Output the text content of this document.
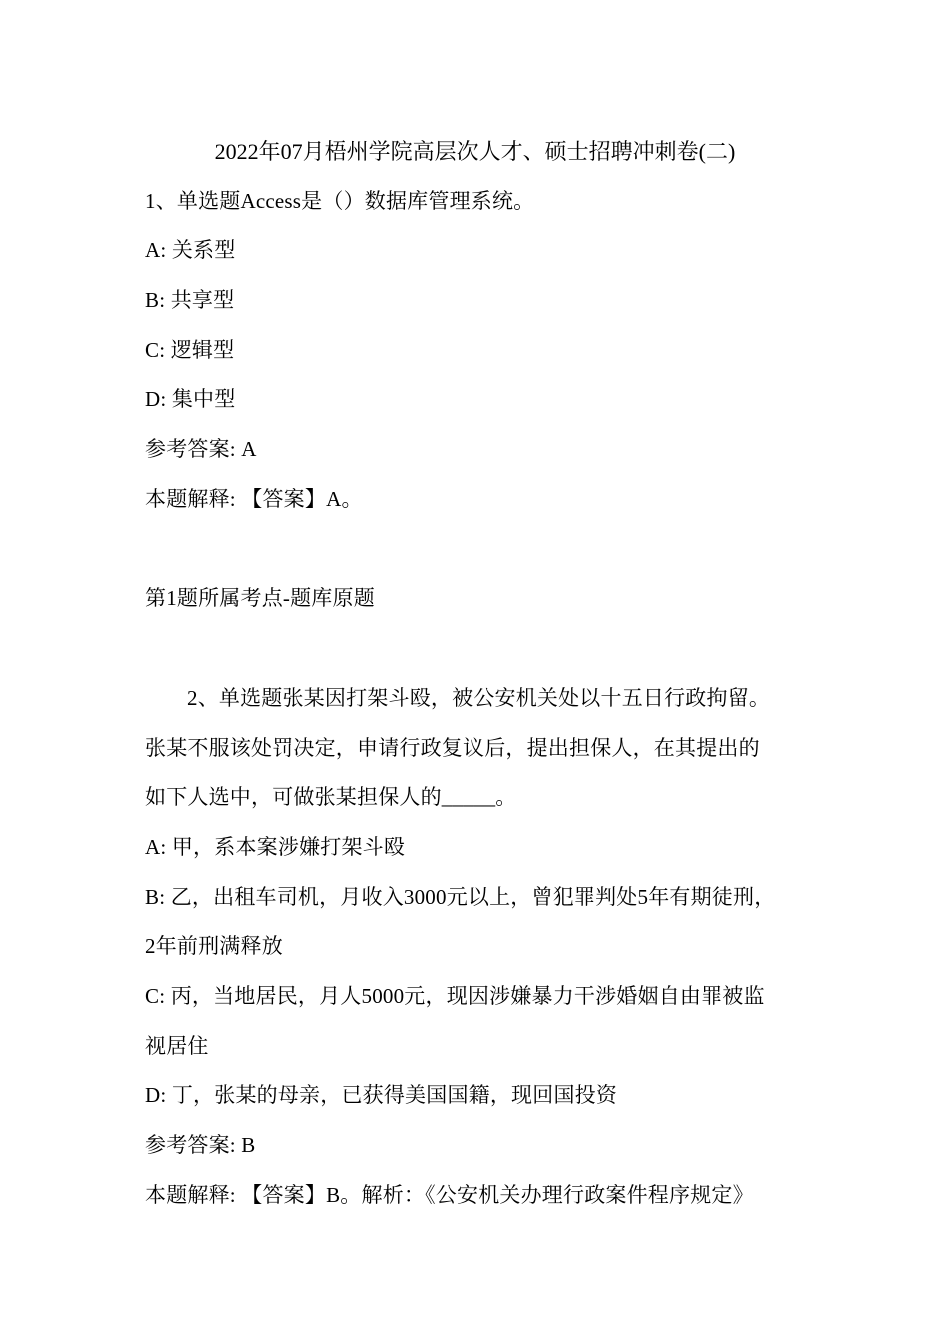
2022年07月梧州学院高层次人才、硕士招聘冲刺卷(二)
1、单选题Access是（）数据库管理系统。
A: 关系型
B: 共享型
C: 逻辑型
D: 集中型
参考答案: A
本题解释: 【答案】A。
第1题所属考点-题库原题
2、单选题张某因打架斗殴，被公安机关处以十五日行政拘留。
张某不服该处罚决定，申请行政复议后，提出担保人，在其提出的
如下人选中，可做张某担保人的_____。
A: 甲，系本案涉嫌打架斗殴
B: 乙，出租车司机，月收入3000元以上，曾犯罪判处5年有期徒刑，
2年前刑满释放
C: 丙，当地居民，月人5000元，现因涉嫌暴力干涉婚姻自由罪被监
视居住
D: 丁，张某的母亲，已获得美国国籍，现回国投资
参考答案: B
本题解释: 【答案】B。解析：《公安机关办理行政案件程序规定》
